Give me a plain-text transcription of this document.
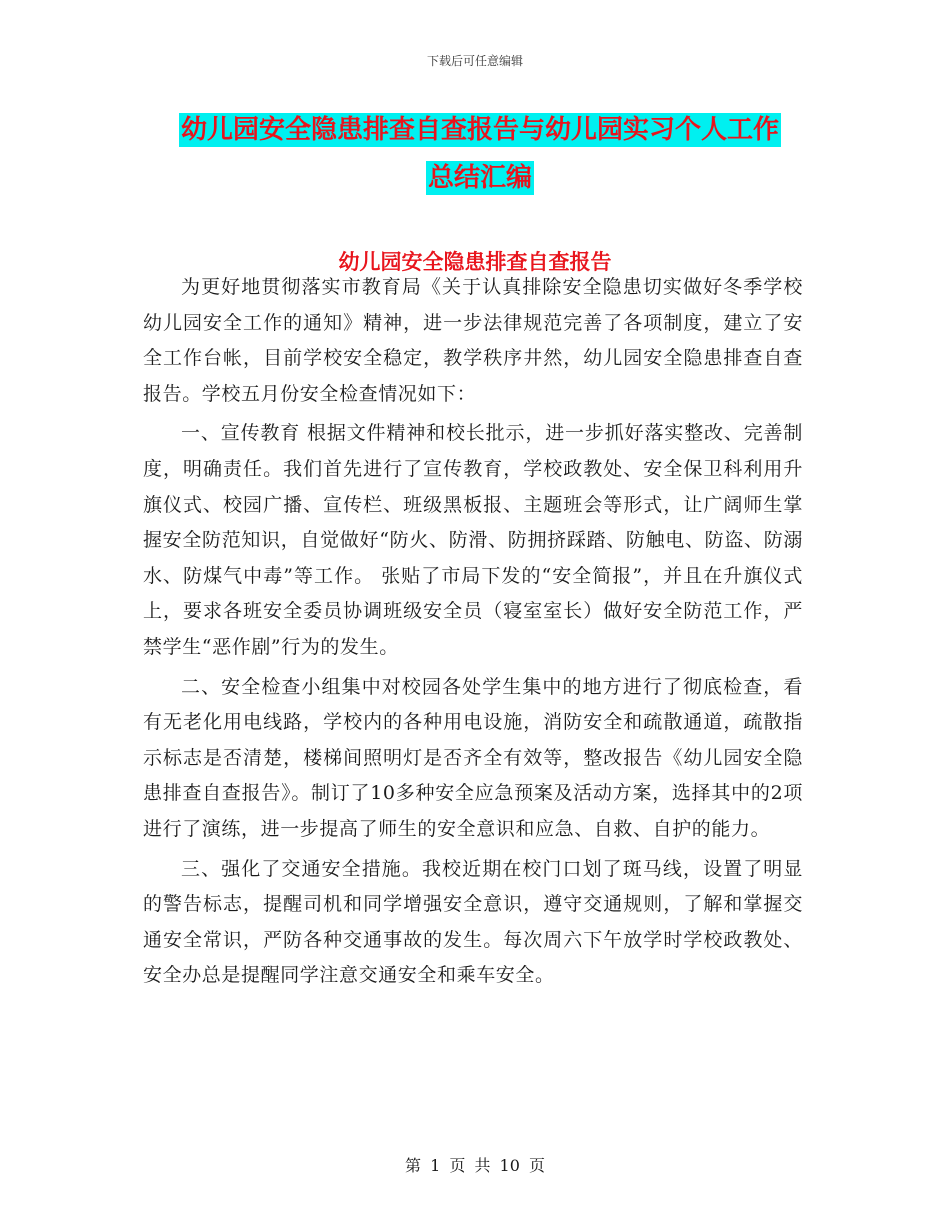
下载后可任意编辑
幼儿园安全隐患排查自查报告与幼儿园实习个人工作
总结汇编
幼儿园安全隐患排查自查报告

为更好地贯彻落实市教育局《关于认真排除安全隐患切实做好冬季学校幼儿园安全工作的通知》精神，进一步法律规范完善了各项制度，建立了安全工作台帐，目前学校安全稳定，教学秩序井然，幼儿园安全隐患排查自查报告。学校五月份安全检查情况如下：

一、宣传教育 根据文件精神和校长批示，进一步抓好落实整改、完善制度，明确责任。我们首先进行了宣传教育，学校政教处、安全保卫科利用升旗仪式、校园广播、宣传栏、班级黑板报、主题班会等形式，让广阔师生掌握安全防范知识，自觉做好“防火、防滑、防拥挤踩踏、防触电、防盗、防溺水、防煤气中毒”等工作。 张贴了市局下发的“安全简报”，并且在升旗仪式上，要求各班安全委员协调班级安全员（寝室室长）做好安全防范工作，严禁学生“恶作剧”行为的发生。

二、安全检查小组集中对校园各处学生集中的地方进行了彻底检查，看有无老化用电线路，学校内的各种用电设施，消防安全和疏散通道，疏散指示标志是否清楚，楼梯间照明灯是否齐全有效等，整改报告《幼儿园安全隐患排查自查报告》。制订了10多种安全应急预案及活动方案，选择其中的2项进行了演练，进一步提高了师生的安全意识和应急、自救、自护的能力。

三、强化了交通安全措施。我校近期在校门口划了斑马线，设置了明显的警告标志，提醒司机和同学增强安全意识，遵守交通规则，了解和掌握交通安全常识，严防各种交通事故的发生。每次周六下午放学时学校政教处、安全办总是提醒同学注意交通安全和乘车安全。

第 1 页 共 10 页
